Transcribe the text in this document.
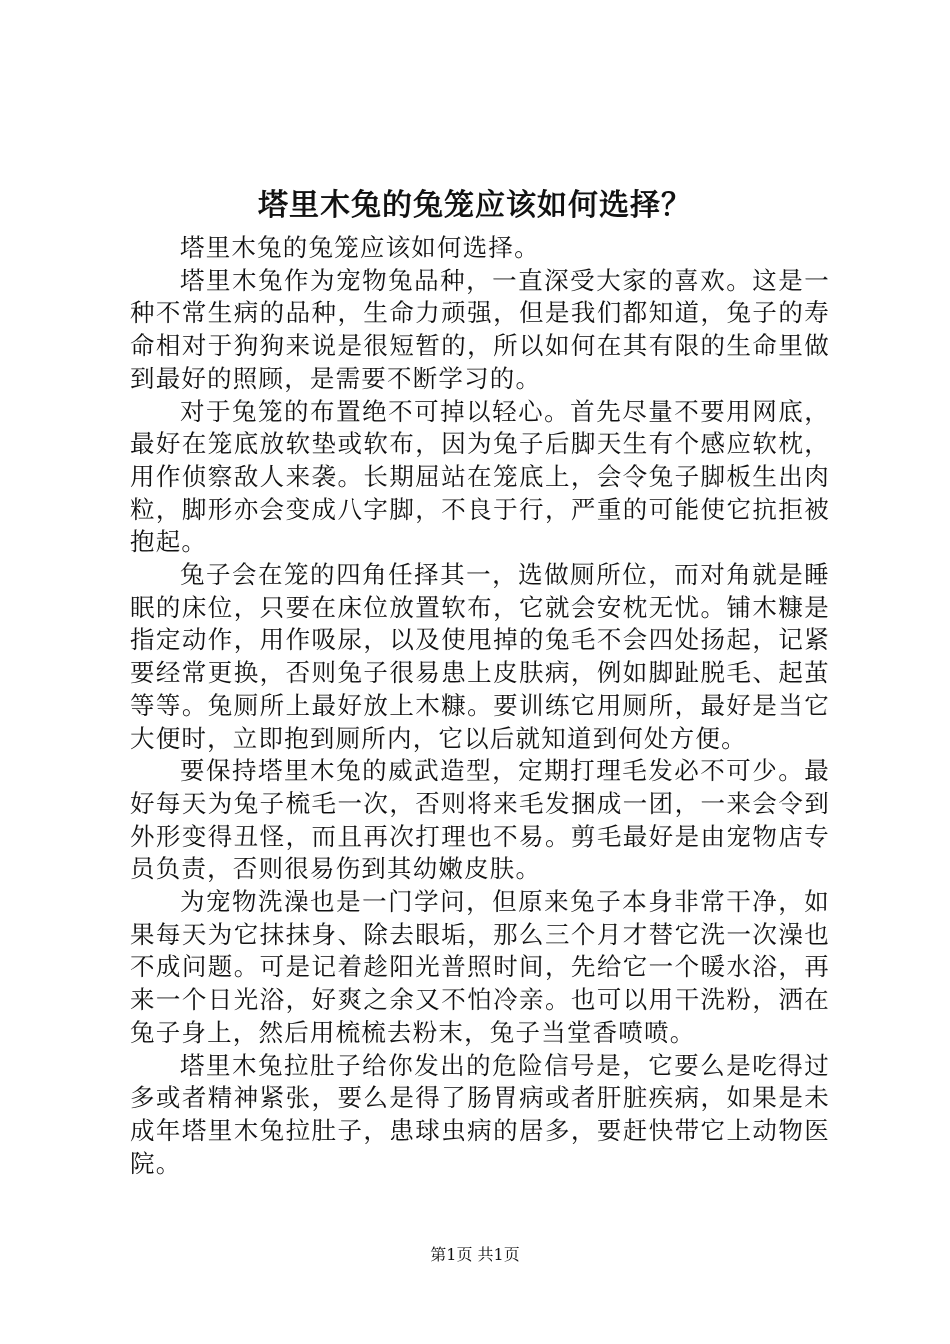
塔里木兔的兔笼应该如何选择？

塔里木兔的兔笼应该如何选择。

塔里木兔作为宠物兔品种，一直深受大家的喜欢。这是一种不常生病的品种，生命力顽强，但是我们都知道，兔子的寿命相对于狗狗来说是很短暂的，所以如何在其有限的生命里做到最好的照顾，是需要不断学习的。

对于兔笼的布置绝不可掉以轻心。首先尽量不要用网底，最好在笼底放软垫或软布，因为兔子后脚天生有个感应软枕，用作侦察敌人来袭。长期屈站在笼底上，会令兔子脚板生出肉粒，脚形亦会变成八字脚，不良于行，严重的可能使它抗拒被抱起。

兔子会在笼的四角任择其一，选做厕所位，而对角就是睡眠的床位，只要在床位放置软布，它就会安枕无忧。铺木糠是指定动作，用作吸尿，以及使甩掉的兔毛不会四处扬起，记紧要经常更换，否则兔子很易患上皮肤病，例如脚趾脱毛、起茧等等。兔厕所上最好放上木糠。要训练它用厕所，最好是当它大便时，立即抱到厕所内，它以后就知道到何处方便。

要保持塔里木兔的威武造型，定期打理毛发必不可少。最好每天为兔子梳毛一次，否则将来毛发捆成一团，一来会令到外形变得丑怪，而且再次打理也不易。剪毛最好是由宠物店专员负责，否则很易伤到其幼嫩皮肤。

为宠物洗澡也是一门学问，但原来兔子本身非常干净，如果每天为它抹抹身、除去眼垢，那么三个月才替它洗一次澡也不成问题。可是记着趁阳光普照时间，先给它一个暖水浴，再来一个日光浴，好爽之余又不怕冷亲。也可以用干洗粉，洒在兔子身上，然后用梳梳去粉末，兔子当堂香喷喷。

塔里木兔拉肚子给你发出的危险信号是，它要么是吃得过多或者精神紧张，要么是得了肠胃病或者肝脏疾病，如果是未成年塔里木兔拉肚子，患球虫病的居多，要赶快带它上动物医院。

第1页 共1页
